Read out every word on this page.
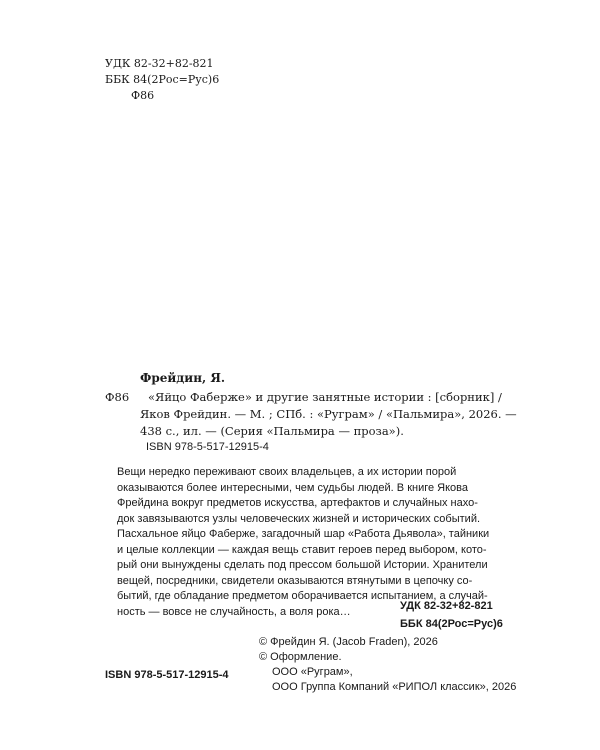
УДК 82-32+82-821
ББК 84(2Рос=Рус)6
Ф86
Фрейдин, Я.
Ф86	«Яйцо Фаберже» и другие занятные истории : [сборник] /
Яков Фрейдин. — М. ; СПб. : «Руграм» / «Пальмира», 2026. —
438 с., ил. — (Серия «Пальмира — проза»).
ISBN 978-5-517-12915-4
Вещи нередко переживают своих владельцев, а их истории порой
оказываются более интересными, чем судьбы людей. В книге Якова
Фрейдина вокруг предметов искусства, артефактов и случайных нахо-
док завязываются узлы человеческих жизней и исторических событий.
Пасхальное яйцо Фаберже, загадочный шар «Работа Дьявола», тайники
и целые коллекции — каждая вещь ставит героев перед выбором, кото-
рый они вынуждены сделать под прессом большой Истории. Хранители
вещей, посредники, свидетели оказываются втянутыми в цепочку со-
бытий, где обладание предметом оборачивается испытанием, а случай-
ность — вовсе не случайность, а воля рока…	УДК 82-32+82-821
ББК 84(2Рос=Рус)6
© Фрейдин Я. (Jacob Fraden), 2026
© Оформление.
ООО «Руграм»,
ООО Группа Компаний «РИПОЛ классик», 2026
ISBN 978-5-517-12915-4
